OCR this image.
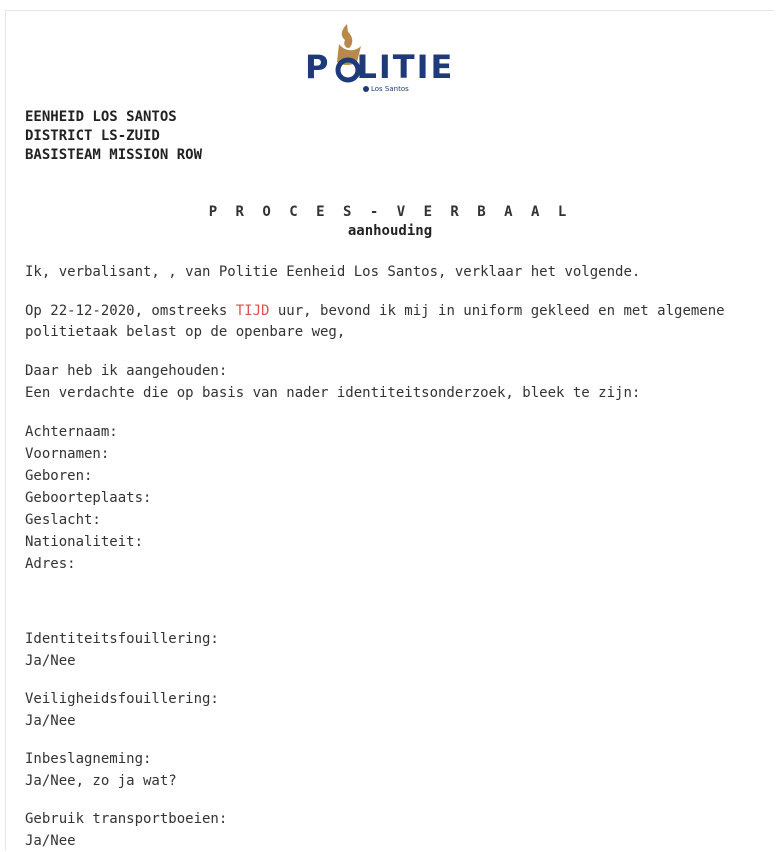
P LITIE
Los Santos
EENHEID LOS SANTOS
DISTRICT LS-ZUID
BASISTEAM MISSION ROW
P R O C E S - V E R B A A L
aanhouding
Ik, verbalisant, , van Politie Eenheid Los Santos, verklaar het volgende.
Op 22-12-2020, omstreeks TIJD uur, bevond ik mij in uniform gekleed en met algemene
politietaak belast op de openbare weg,
Daar heb ik aangehouden:
Een verdachte die op basis van nader identiteitsonderzoek, bleek te zijn:
Achternaam:
Voornamen:
Geboren:
Geboorteplaats:
Geslacht:
Nationaliteit:
Adres:
Identiteitsfouillering:
Ja/Nee
Veiligheidsfouillering:
Ja/Nee
Inbeslagneming:
Ja/Nee, zo ja wat?
Gebruik transportboeien:
Ja/Nee
